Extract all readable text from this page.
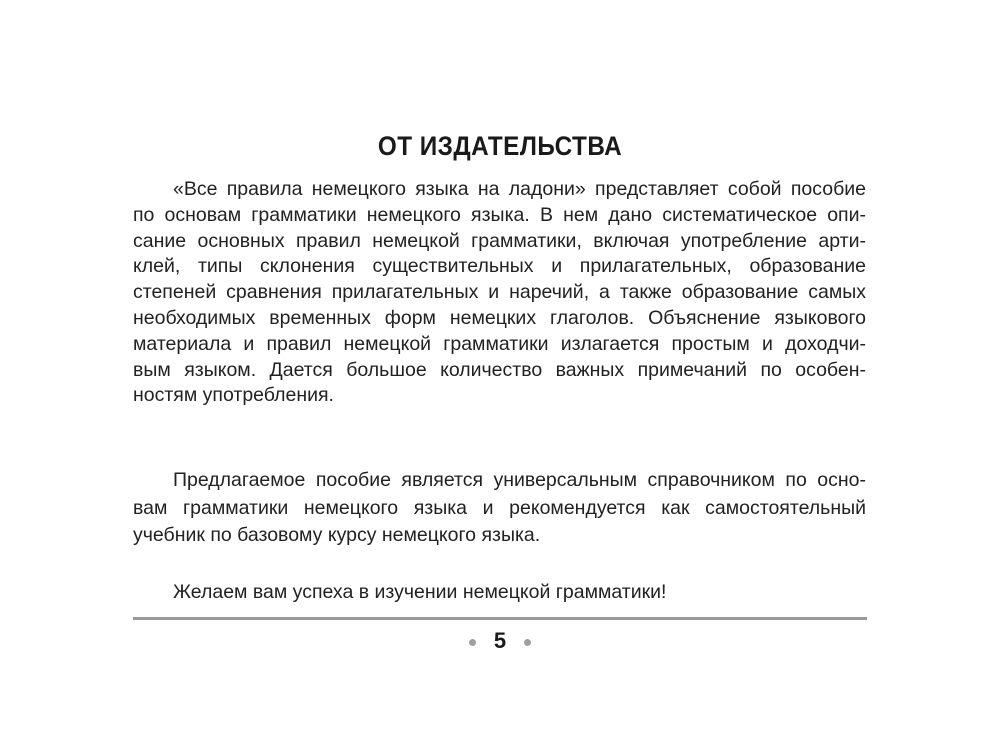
ОТ ИЗДАТЕЛЬСТВА
«Все правила немецкого языка на ладони» представляет собой пособие
по основам грамматики немецкого языка. В нем дано систематическое опи-
сание основных правил немецкой грамматики, включая употребление арти-
клей, типы склонения существительных и прилагательных, образование
степеней сравнения прилагательных и наречий, а также образование самых
необходимых временных форм немецких глаголов. Объяснение языкового
материала и правил немецкой грамматики излагается простым и доходчи-
вым языком. Дается большое количество важных примечаний по особен-
ностям употребления.
Предлагаемое пособие является универсальным справочником по осно-
вам грамматики немецкого языка и рекомендуется как самостоятельный
учебник по базовому курсу немецкого языка.
Желаем вам успеха в изучении немецкой грамматики!
5
